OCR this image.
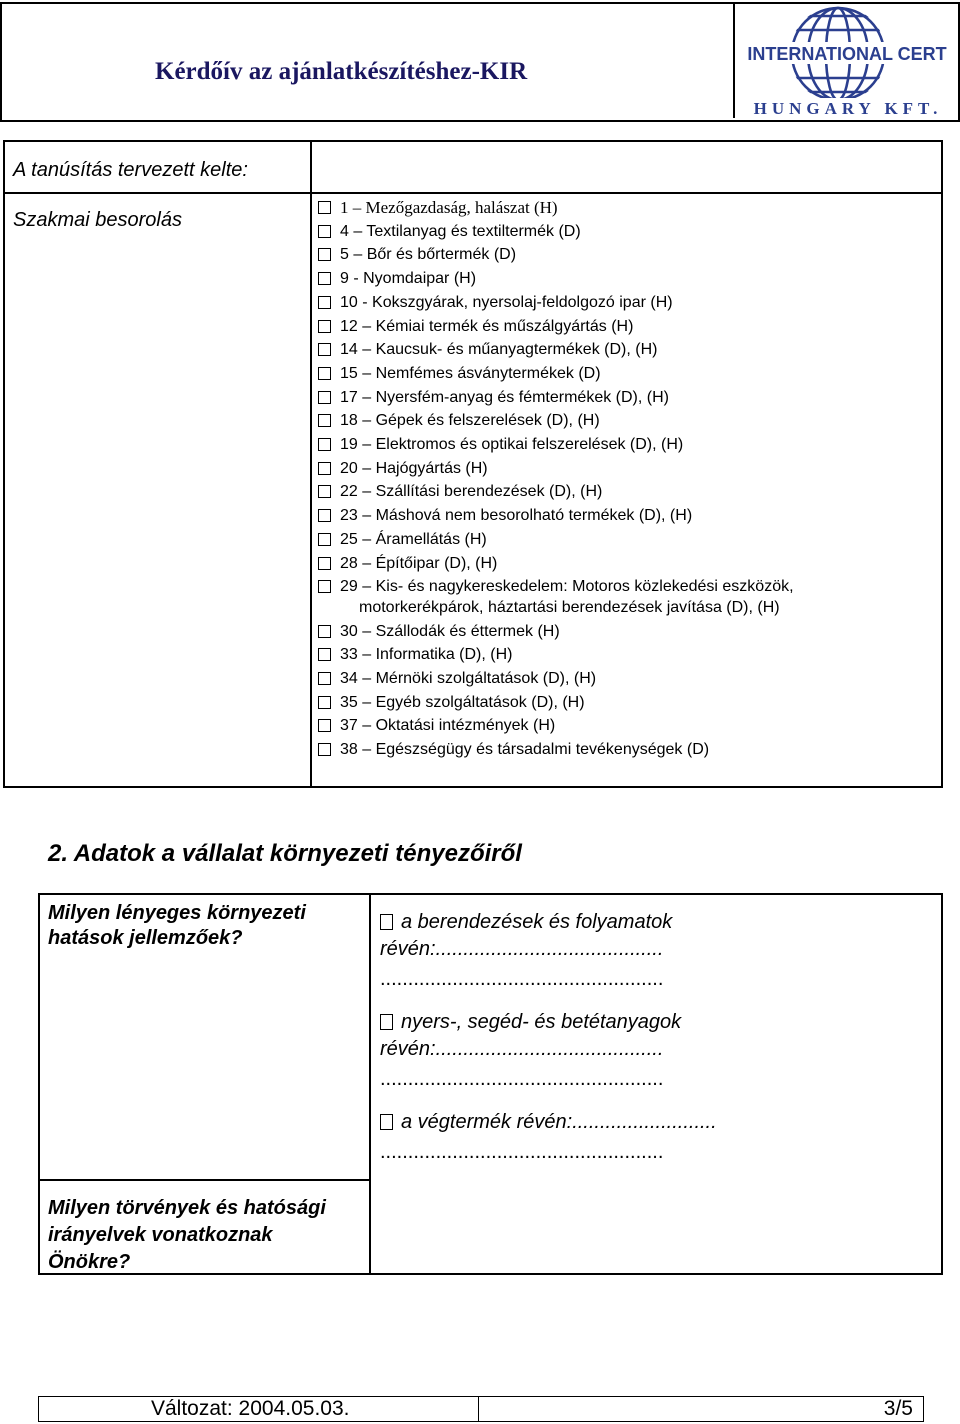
Kérdőív az ajánlatkészítéshez-KIR
INTERNATIONAL CERT
HUNGARY KFT.
A tanúsítás tervezett kelte:
Szakmai besorolás
1 – Mezőgazdaság, halászat (H)
4 – Textilanyag és textiltermék (D)
5 – Bőr és bőrtermék (D)
9 - Nyomdaipar (H)
10 - Kokszgyárak, nyersolaj-feldolgozó ipar (H)
12 – Kémiai termék és műszálgyártás (H)
14 – Kaucsuk- és műanyagtermékek (D), (H)
15 – Nemfémes ásványtermékek (D)
17 – Nyersfém-anyag és fémtermékek (D), (H)
18 – Gépek és felszerelések (D), (H)
19 – Elektromos és optikai felszerelések (D), (H)
20 – Hajógyártás (H)
22 – Szállítási berendezések (D), (H)
23 – Máshová nem besorolható termékek (D), (H)
25 – Áramellátás (H)
28 – Építőipar (D), (H)
29 – Kis- és nagykereskedelem: Motoros közlekedési eszközök,
motorkerékpárok, háztartási berendezések javítása (D), (H)
30 – Szállodák és éttermek (H)
33 – Informatika (D), (H)
34 – Mérnöki szolgáltatások (D), (H)
35 – Egyéb szolgáltatások (D), (H)
37 – Oktatási intézmények (H)
38 – Egészségügy és társadalmi tevékenységek (D)
2. Adatok a vállalat környezeti tényezőiről
Milyen lényeges környezeti hatások jellemzőek?
Milyen törvények és hatósági irányelvek vonatkoznak Önökre?
a berendezések és folyamatok
révén:.........................................
...................................................
nyers-, segéd- és betétanyagok
révén:.........................................
...................................................
a végtermék révén:..........................
...................................................
Változat: 2004.05.03.	3/5
